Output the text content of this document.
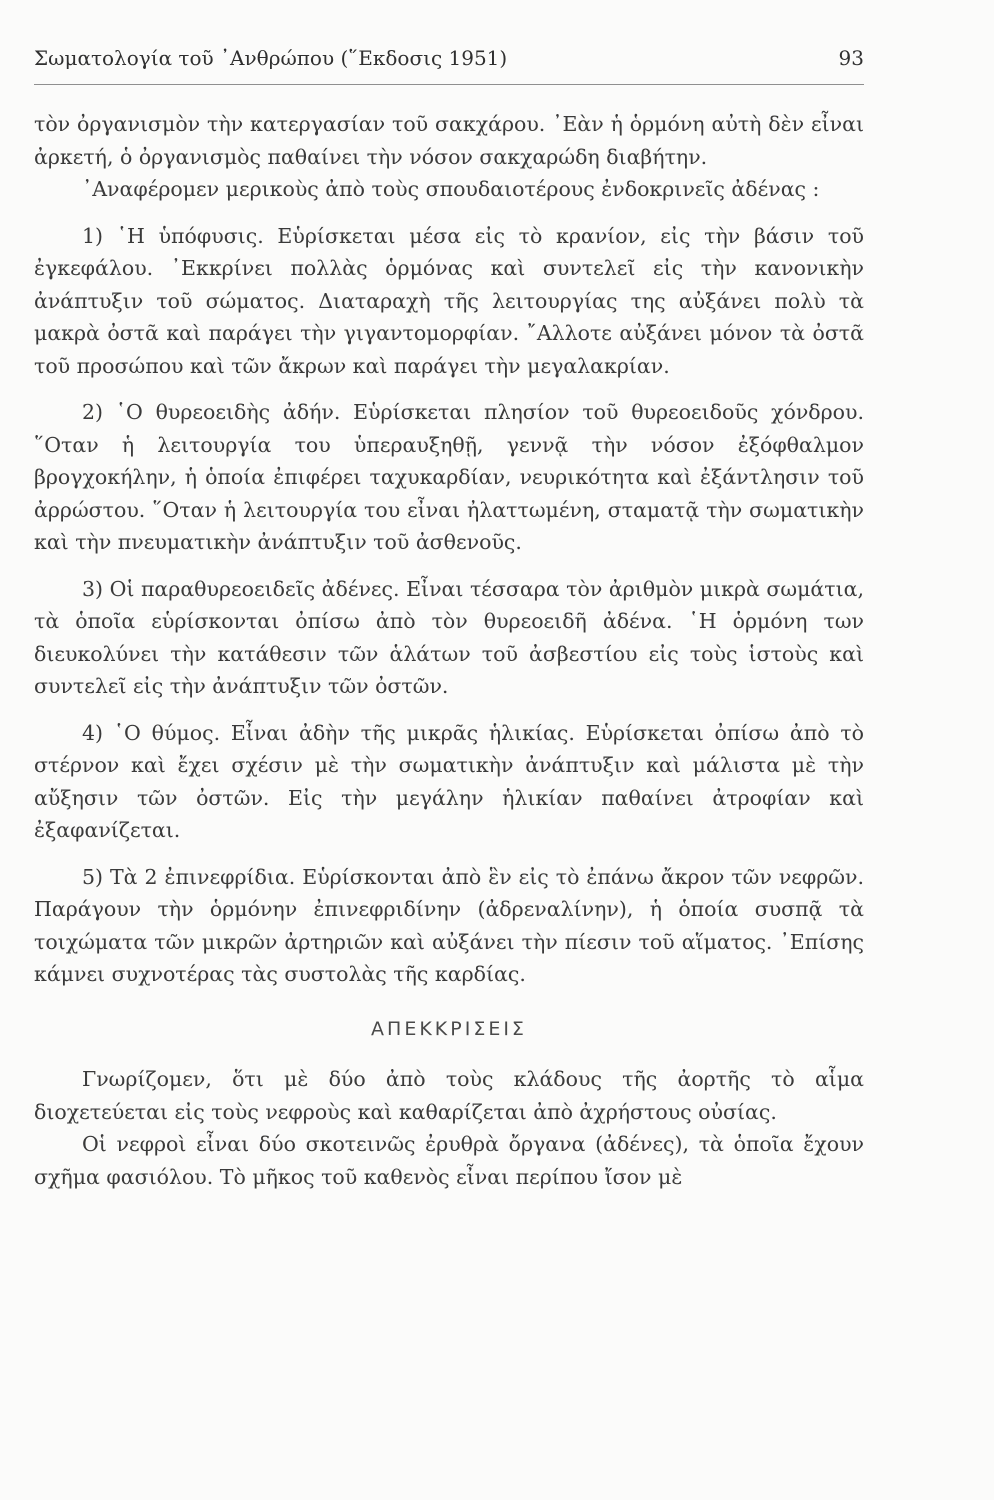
Σωματολογία τοῦ ᾿Ανθρώπου (῞Εκδοσις 1951)	93

τὸν ὀργανισμὸν τὴν κατεργασίαν τοῦ σακχάρου. ᾿Εὰν ἡ ὁρμόνη αὐτὴ δὲν εἶναι ἀρκετή, ὁ ὀργανισμὸς παθαίνει τὴν νόσον σακχαρώδη διαβήτην.

᾿Αναφέρομεν μερικοὺς ἀπὸ τοὺς σπουδαιοτέρους ἐνδοκρινεῖς ἀδένας :

1) ῾Η ὑπόφυσις. Εὑρίσκεται μέσα εἰς τὸ κρανίον, εἰς τὴν βάσιν τοῦ ἐγκεφάλου. ᾿Εκκρίνει πολλὰς ὁρμόνας καὶ συντελεῖ εἰς τὴν κανονικὴν ἀνάπτυξιν τοῦ σώματος. Διαταραχὴ τῆς λειτουργίας της αὐξάνει πολὺ τὰ μακρὰ ὀστᾶ καὶ παράγει τὴν γιγαντομορφίαν. ῎Αλλοτε αὐξάνει μόνον τὰ ὀστᾶ τοῦ προσώπου καὶ τῶν ἄκρων καὶ παράγει τὴν μεγαλακρίαν.

2) ῾Ο θυρεοειδὴς ἀδήν. Εὑρίσκεται πλησίον τοῦ θυρεοειδοῦς χόνδρου. ῞Οταν ἡ λειτουργία του ὑπεραυξηθῇ, γεννᾷ τὴν νόσον ἐξόφθαλμον βρογχοκήλην, ἡ ὁποία ἐπιφέρει ταχυκαρδίαν, νευρικότητα καὶ ἐξάντλησιν τοῦ ἀρρώστου. ῞Οταν ἡ λειτουργία του εἶναι ἠλαττωμένη, σταματᾷ τὴν σωματικὴν καὶ τὴν πνευματικὴν ἀνάπτυξιν τοῦ ἀσθενοῦς.

3) Οἱ παραθυρεοειδεῖς ἀδένες. Εἶναι τέσσαρα τὸν ἀριθμὸν μικρὰ σωμάτια, τὰ ὁποῖα εὑρίσκονται ὀπίσω ἀπὸ τὸν θυρεοειδῆ ἀδένα. ῾Η ὁρμόνη των διευκολύνει τὴν κατάθεσιν τῶν ἁλάτων τοῦ ἀσβεστίου εἰς τοὺς ἱστοὺς καὶ συντελεῖ εἰς τὴν ἀνάπτυξιν τῶν ὀστῶν.

4) ῾Ο θύμος. Εἶναι ἀδὴν τῆς μικρᾶς ἡλικίας. Εὑρίσκεται ὀπίσω ἀπὸ τὸ στέρνον καὶ ἔχει σχέσιν μὲ τὴν σωματικὴν ἀνάπτυξιν καὶ μάλιστα μὲ τὴν αὔξησιν τῶν ὀστῶν. Εἰς τὴν μεγάλην ἡλικίαν παθαίνει ἀτροφίαν καὶ ἐξαφανίζεται.

5) Τὰ 2 ἐπινεφρίδια. Εὑρίσκονται ἀπὸ ἓν εἰς τὸ ἐπάνω ἄκρον τῶν νεφρῶν. Παράγουν τὴν ὁρμόνην ἐπινεφριδίνην (ἀδρεναλίνην), ἡ ὁποία συσπᾷ τὰ τοιχώματα τῶν μικρῶν ἀρτηριῶν καὶ αὐξάνει τὴν πίεσιν τοῦ αἵματος. ᾿Επίσης κάμνει συχνοτέρας τὰς συστολὰς τῆς καρδίας.

ΑΠΕΚΚΡΙΣΕΙΣ

Γνωρίζομεν, ὅτι μὲ δύο ἀπὸ τοὺς κλάδους τῆς ἀορτῆς τὸ αἷμα διοχετεύεται εἰς τοὺς νεφροὺς καὶ καθαρίζεται ἀπὸ ἀχρήστους οὐσίας.

Οἱ νεφροὶ εἶναι δύο σκοτεινῶς ἐρυθρὰ ὄργανα (ἀδένες), τὰ ὁποῖα ἔχουν σχῆμα φασιόλου. Τὸ μῆκος τοῦ καθενὸς εἶναι περίπου ἴσον μὲ
